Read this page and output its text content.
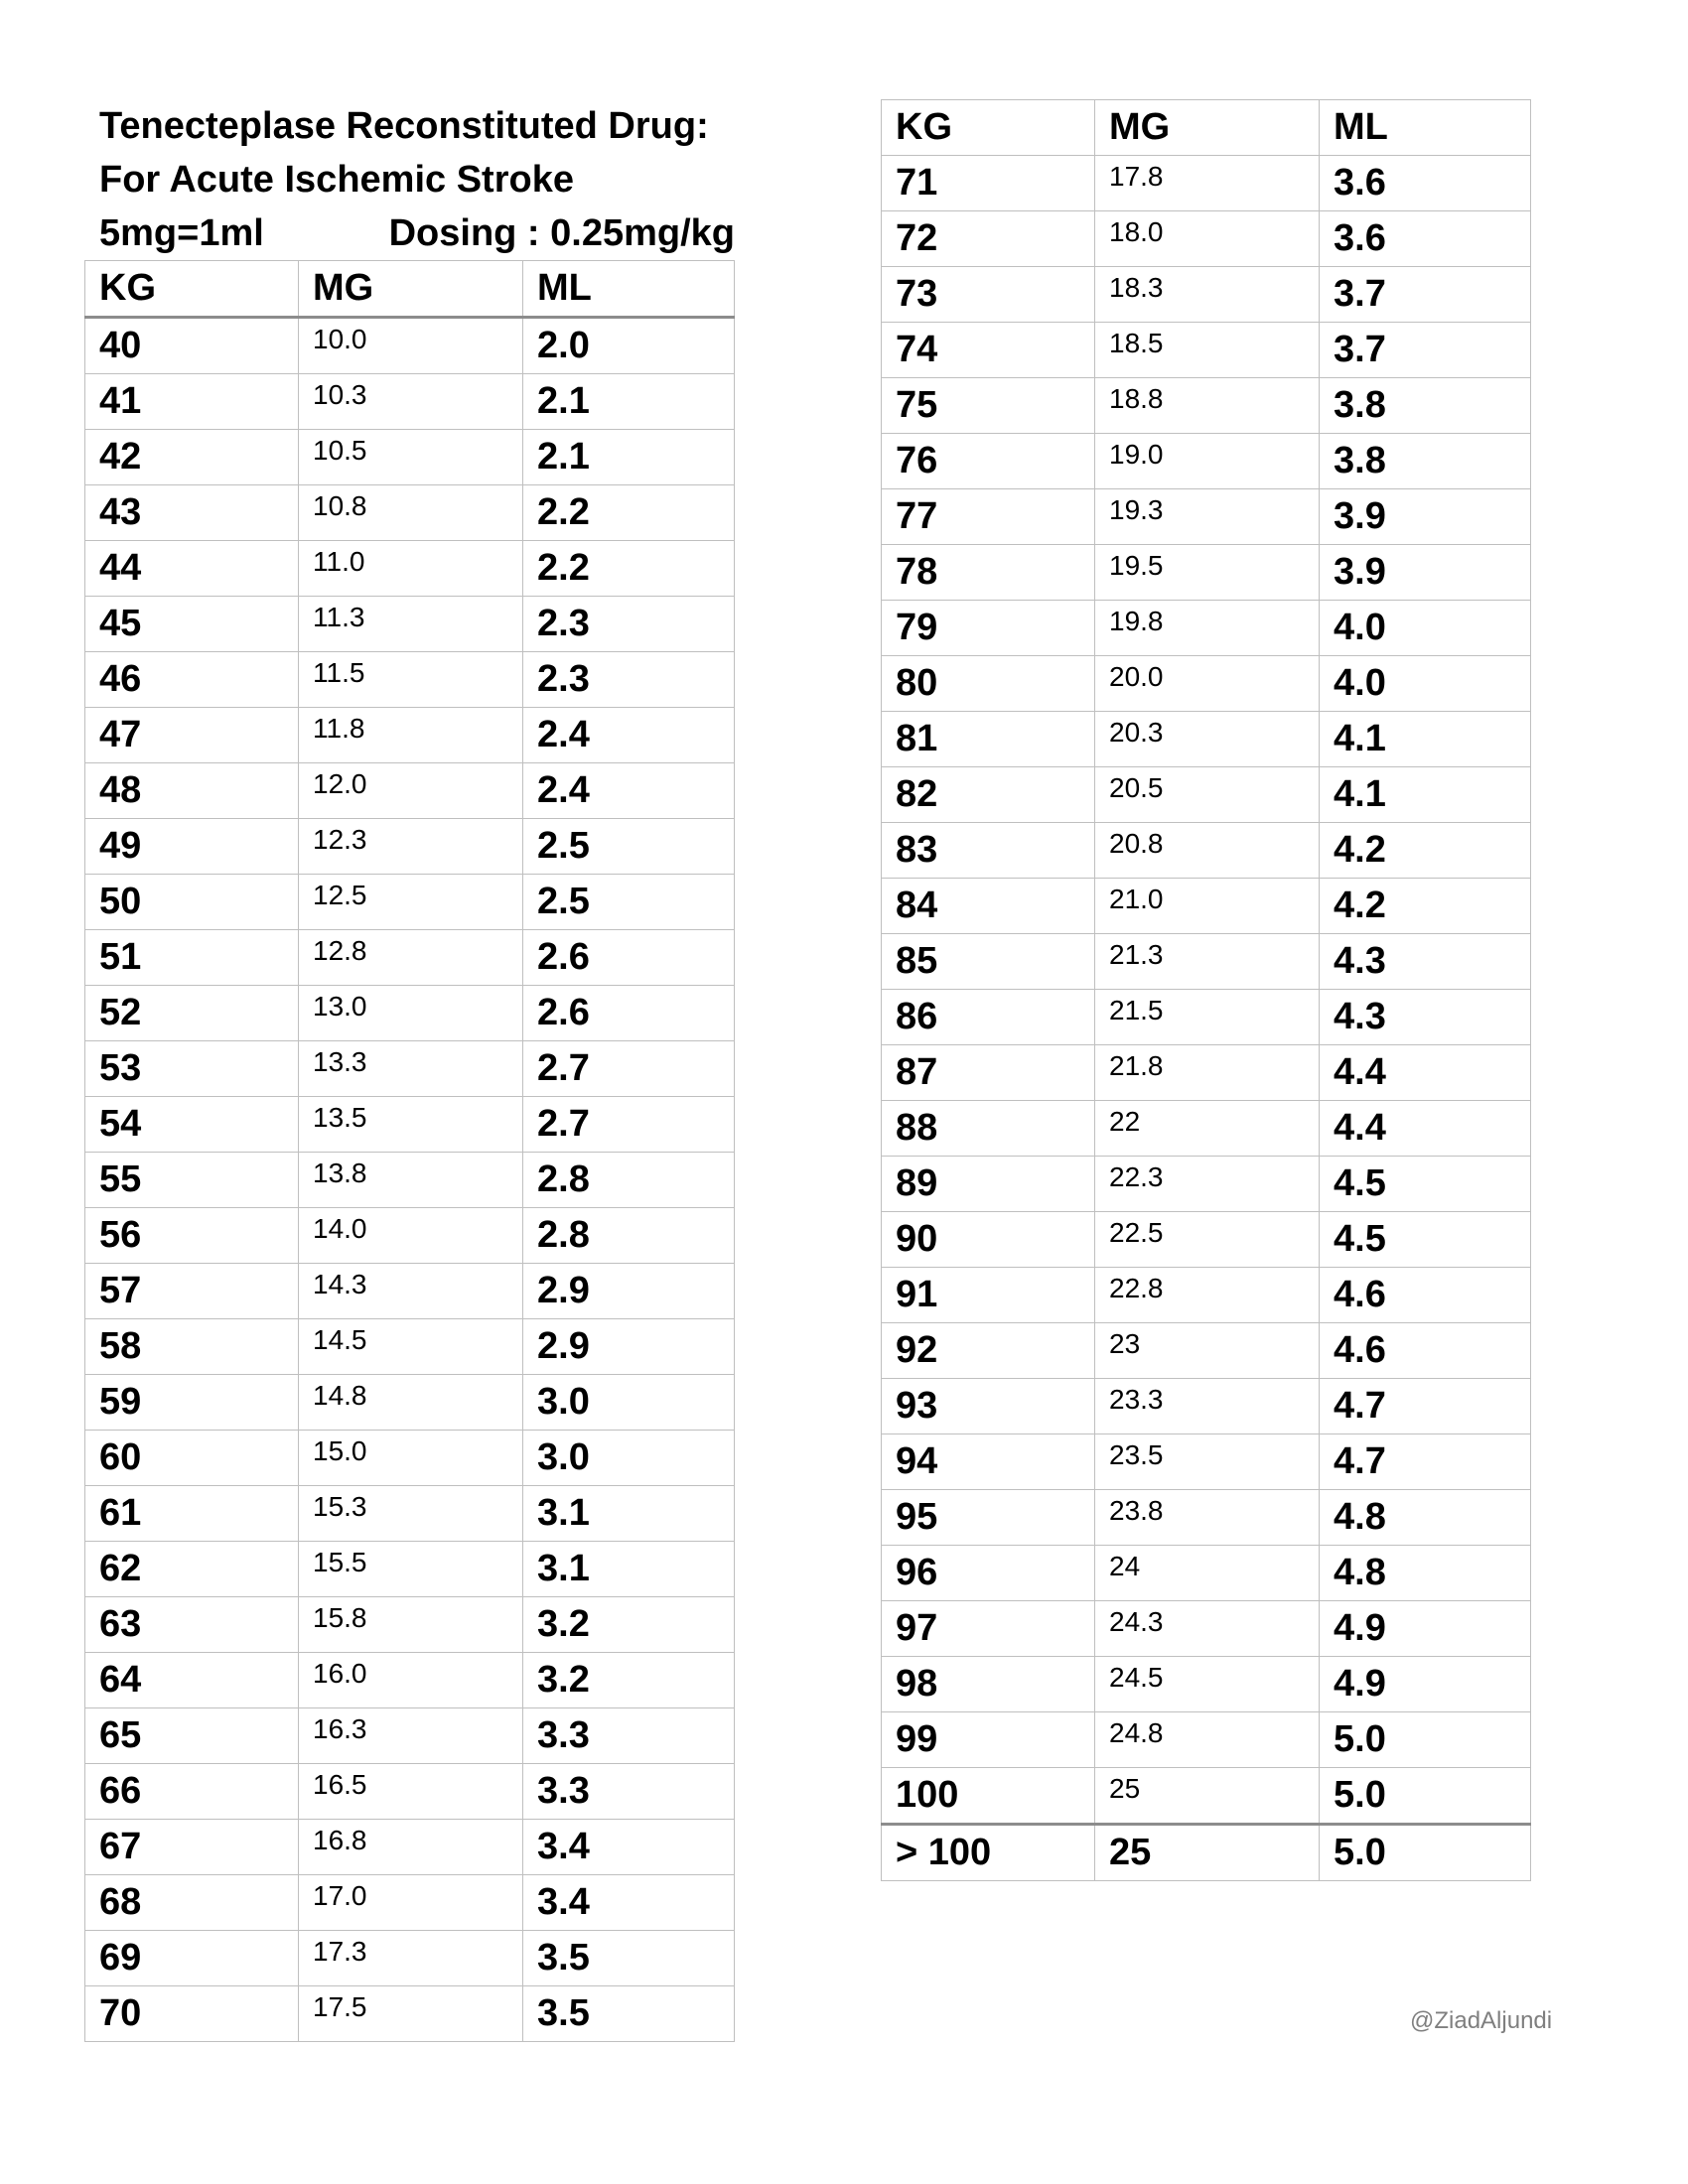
Tenecteplase Reconstituted Drug:
For Acute Ischemic Stroke
5mg=1ml	Dosing : 0.25mg/kg
KG	MG	ML
40	10.0	2.0
41	10.3	2.1
42	10.5	2.1
43	10.8	2.2
44	11.0	2.2
45	11.3	2.3
46	11.5	2.3
47	11.8	2.4
48	12.0	2.4
49	12.3	2.5
50	12.5	2.5
51	12.8	2.6
52	13.0	2.6
53	13.3	2.7
54	13.5	2.7
55	13.8	2.8
56	14.0	2.8
57	14.3	2.9
58	14.5	2.9
59	14.8	3.0
60	15.0	3.0
61	15.3	3.1
62	15.5	3.1
63	15.8	3.2
64	16.0	3.2
65	16.3	3.3
66	16.5	3.3
67	16.8	3.4
68	17.0	3.4
69	17.3	3.5
70	17.5	3.5
KG	MG	ML
71	17.8	3.6
72	18.0	3.6
73	18.3	3.7
74	18.5	3.7
75	18.8	3.8
76	19.0	3.8
77	19.3	3.9
78	19.5	3.9
79	19.8	4.0
80	20.0	4.0
81	20.3	4.1
82	20.5	4.1
83	20.8	4.2
84	21.0	4.2
85	21.3	4.3
86	21.5	4.3
87	21.8	4.4
88	22	4.4
89	22.3	4.5
90	22.5	4.5
91	22.8	4.6
92	23	4.6
93	23.3	4.7
94	23.5	4.7
95	23.8	4.8
96	24	4.8
97	24.3	4.9
98	24.5	4.9
99	24.8	5.0
100	25	5.0
> 100	25	5.0
@ZiadAljundi
